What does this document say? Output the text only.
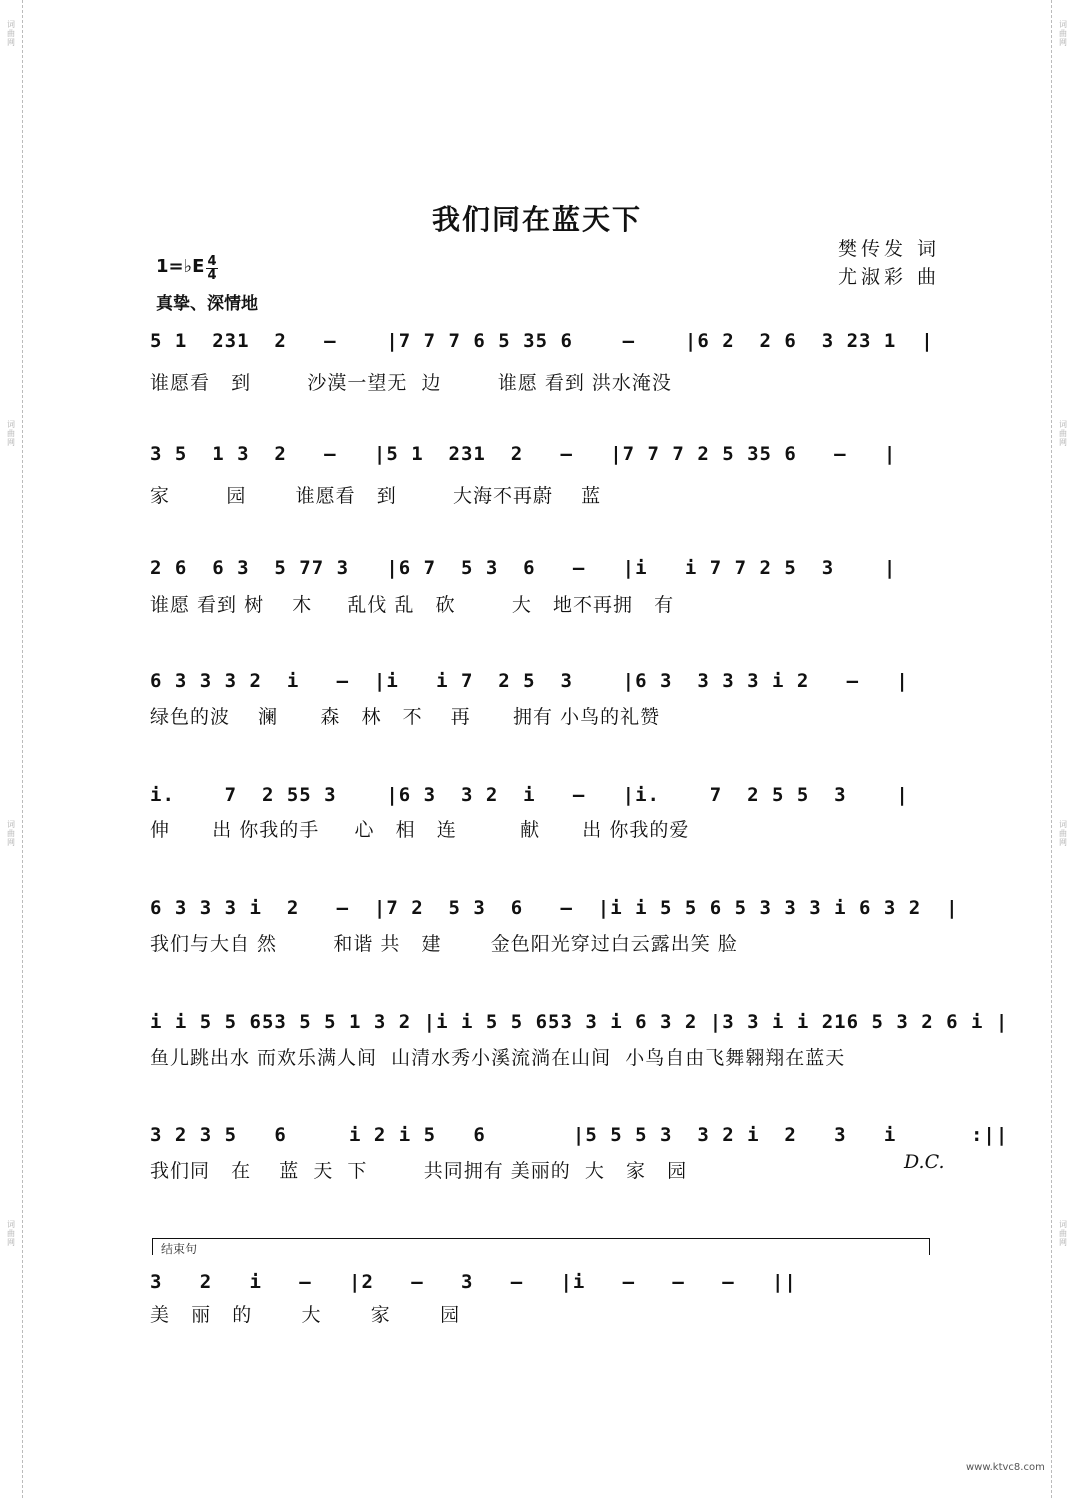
词曲网
词曲网
词曲网
词曲网
词曲网
词曲网
词曲网
词曲网
我们同在蓝天下
樊传发 词
尤淑彩 曲
1=♭E 4
4
真挚、深情地
5 1  231  2   –    |7 7 7 6 5 35 6    –    |6 2  2 6  3 23 1  |
谁愿看   到        沙漠一望无  边        谁愿 看到 洪水淹没
3 5  1 3  2   –   |5 1  231  2   –   |7 7 7 2 5 35 6   –   |
家        园       谁愿看   到        大海不再蔚    蓝
2 6  6 3  5 77 3   |6 7  5 3  6   –   |i   i 7 7 2 5  3    |
谁愿 看到 树    木     乱伐 乱   砍        大   地不再拥   有
6 3 3 3 2  i   –  |i   i 7  2 5  3    |6 3  3 3 3 i 2   –   |
绿色的波    澜      森   林   不    再      拥有 小鸟的礼赞
i.    7  2 55 3    |6 3  3 2  i   –   |i.    7  2 5 5  3    |
伸      出 你我的手     心   相   连         献      出 你我的爱
6 3 3 3 i  2   –  |7 2  5 3  6   –  |i i 5 5 6 5 3 3 3 i 6 3 2  |
我们与大自 然        和谐 共   建       金色阳光穿过白云露出笑 脸
i i 5 5 653 5 5 1 3 2 |i i 5 5 653 3 i 6 3 2 |3 3 i i 216 5 3 2 6 i |
鱼儿跳出水 而欢乐满人间  山清水秀小溪流淌在山间  小鸟自由飞舞翱翔在蓝天
3 2 3 5   6     i 2 i 5   6       |5 5 5 3  3 2 i  2   3   i      :||
我们同   在    蓝  天  下        共同拥有 美丽的  大   家   园	D.C.
结束句
3   2   i   –   |2   –   3   –   |i   –   –   –   ||
美   丽   的       大       家       园
www.ktvc8.com
